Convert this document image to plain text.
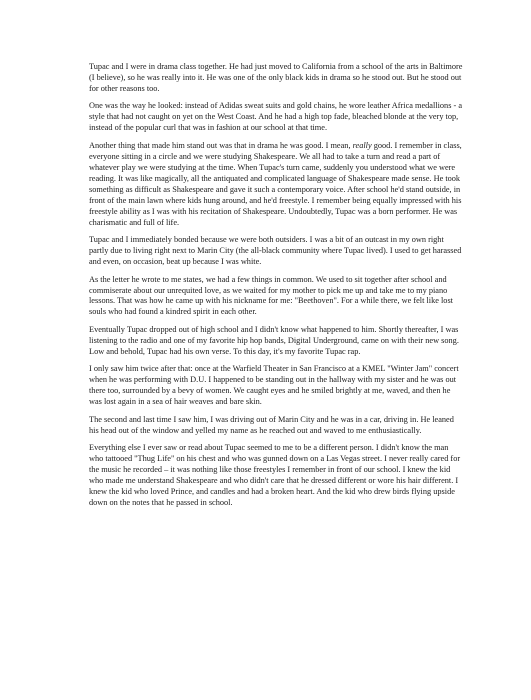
Tupac and I were in drama class together. He had just moved to California from a school of the arts in Baltimore (I believe), so he was really into it. He was one of the only black kids in drama so he stood out. But he stood out for other reasons too.

One was the way he looked: instead of Adidas sweat suits and gold chains, he wore leather Africa medallions - a style that had not caught on yet on the West Coast. And he had a high top fade, bleached blonde at the very top, instead of the popular curl that was in fashion at our school at that time.

Another thing that made him stand out was that in drama he was good. I mean, really good. I remember in class, everyone sitting in a circle and we were studying Shakespeare. We all had to take a turn and read a part of whatever play we were studying at the time. When Tupac's turn came, suddenly you understood what we were reading. It was like magically, all the antiquated and complicated language of Shakespeare made sense. He took something as difficult as Shakespeare and gave it such a contemporary voice. After school he'd stand outside, in front of the main lawn where kids hung around, and he'd freestyle. I remember being equally impressed with his freestyle ability as I was with his recitation of Shakespeare. Undoubtedly, Tupac was a born performer. He was charismatic and full of life.

Tupac and I immediately bonded because we were both outsiders. I was a bit of an outcast in my own right partly due to living right next to Marin City (the all-black community where Tupac lived). I used to get harassed and even, on occasion, beat up because I was white.

As the letter he wrote to me states, we had a few things in common. We used to sit together after school and commiserate about our unrequited love, as we waited for my mother to pick me up and take me to my piano lessons. That was how he came up with his nickname for me: "Beethoven". For a while there, we felt like lost souls who had found a kindred spirit in each other.

Eventually Tupac dropped out of high school and I didn't know what happened to him. Shortly thereafter, I was listening to the radio and one of my favorite hip hop bands, Digital Underground, came on with their new song. Low and behold, Tupac had his own verse. To this day, it's my favorite Tupac rap.

I only saw him twice after that: once at the Warfield Theater in San Francisco at a KMEL "Winter Jam" concert when he was performing with D.U. I happened to be standing out in the hallway with my sister and he was out there too, surrounded by a bevy of women. We caught eyes and he smiled brightly at me, waved, and then he was lost again in a sea of hair weaves and bare skin.

The second and last time I saw him, I was driving out of Marin City and he was in a car, driving in. He leaned his head out of the window and yelled my name as he reached out and waved to me enthusiastically.

Everything else I ever saw or read about Tupac seemed to me to be a different person. I didn't know the man who tattooed "Thug Life" on his chest and who was gunned down on a Las Vegas street. I never really cared for the music he recorded – it was nothing like those freestyles I remember in front of our school. I knew the kid who made me understand Shakespeare and who didn't care that he dressed different or wore his hair different. I knew the kid who loved Prince, and candles and had a broken heart. And the kid who drew birds flying upside down on the notes that he passed in school.
